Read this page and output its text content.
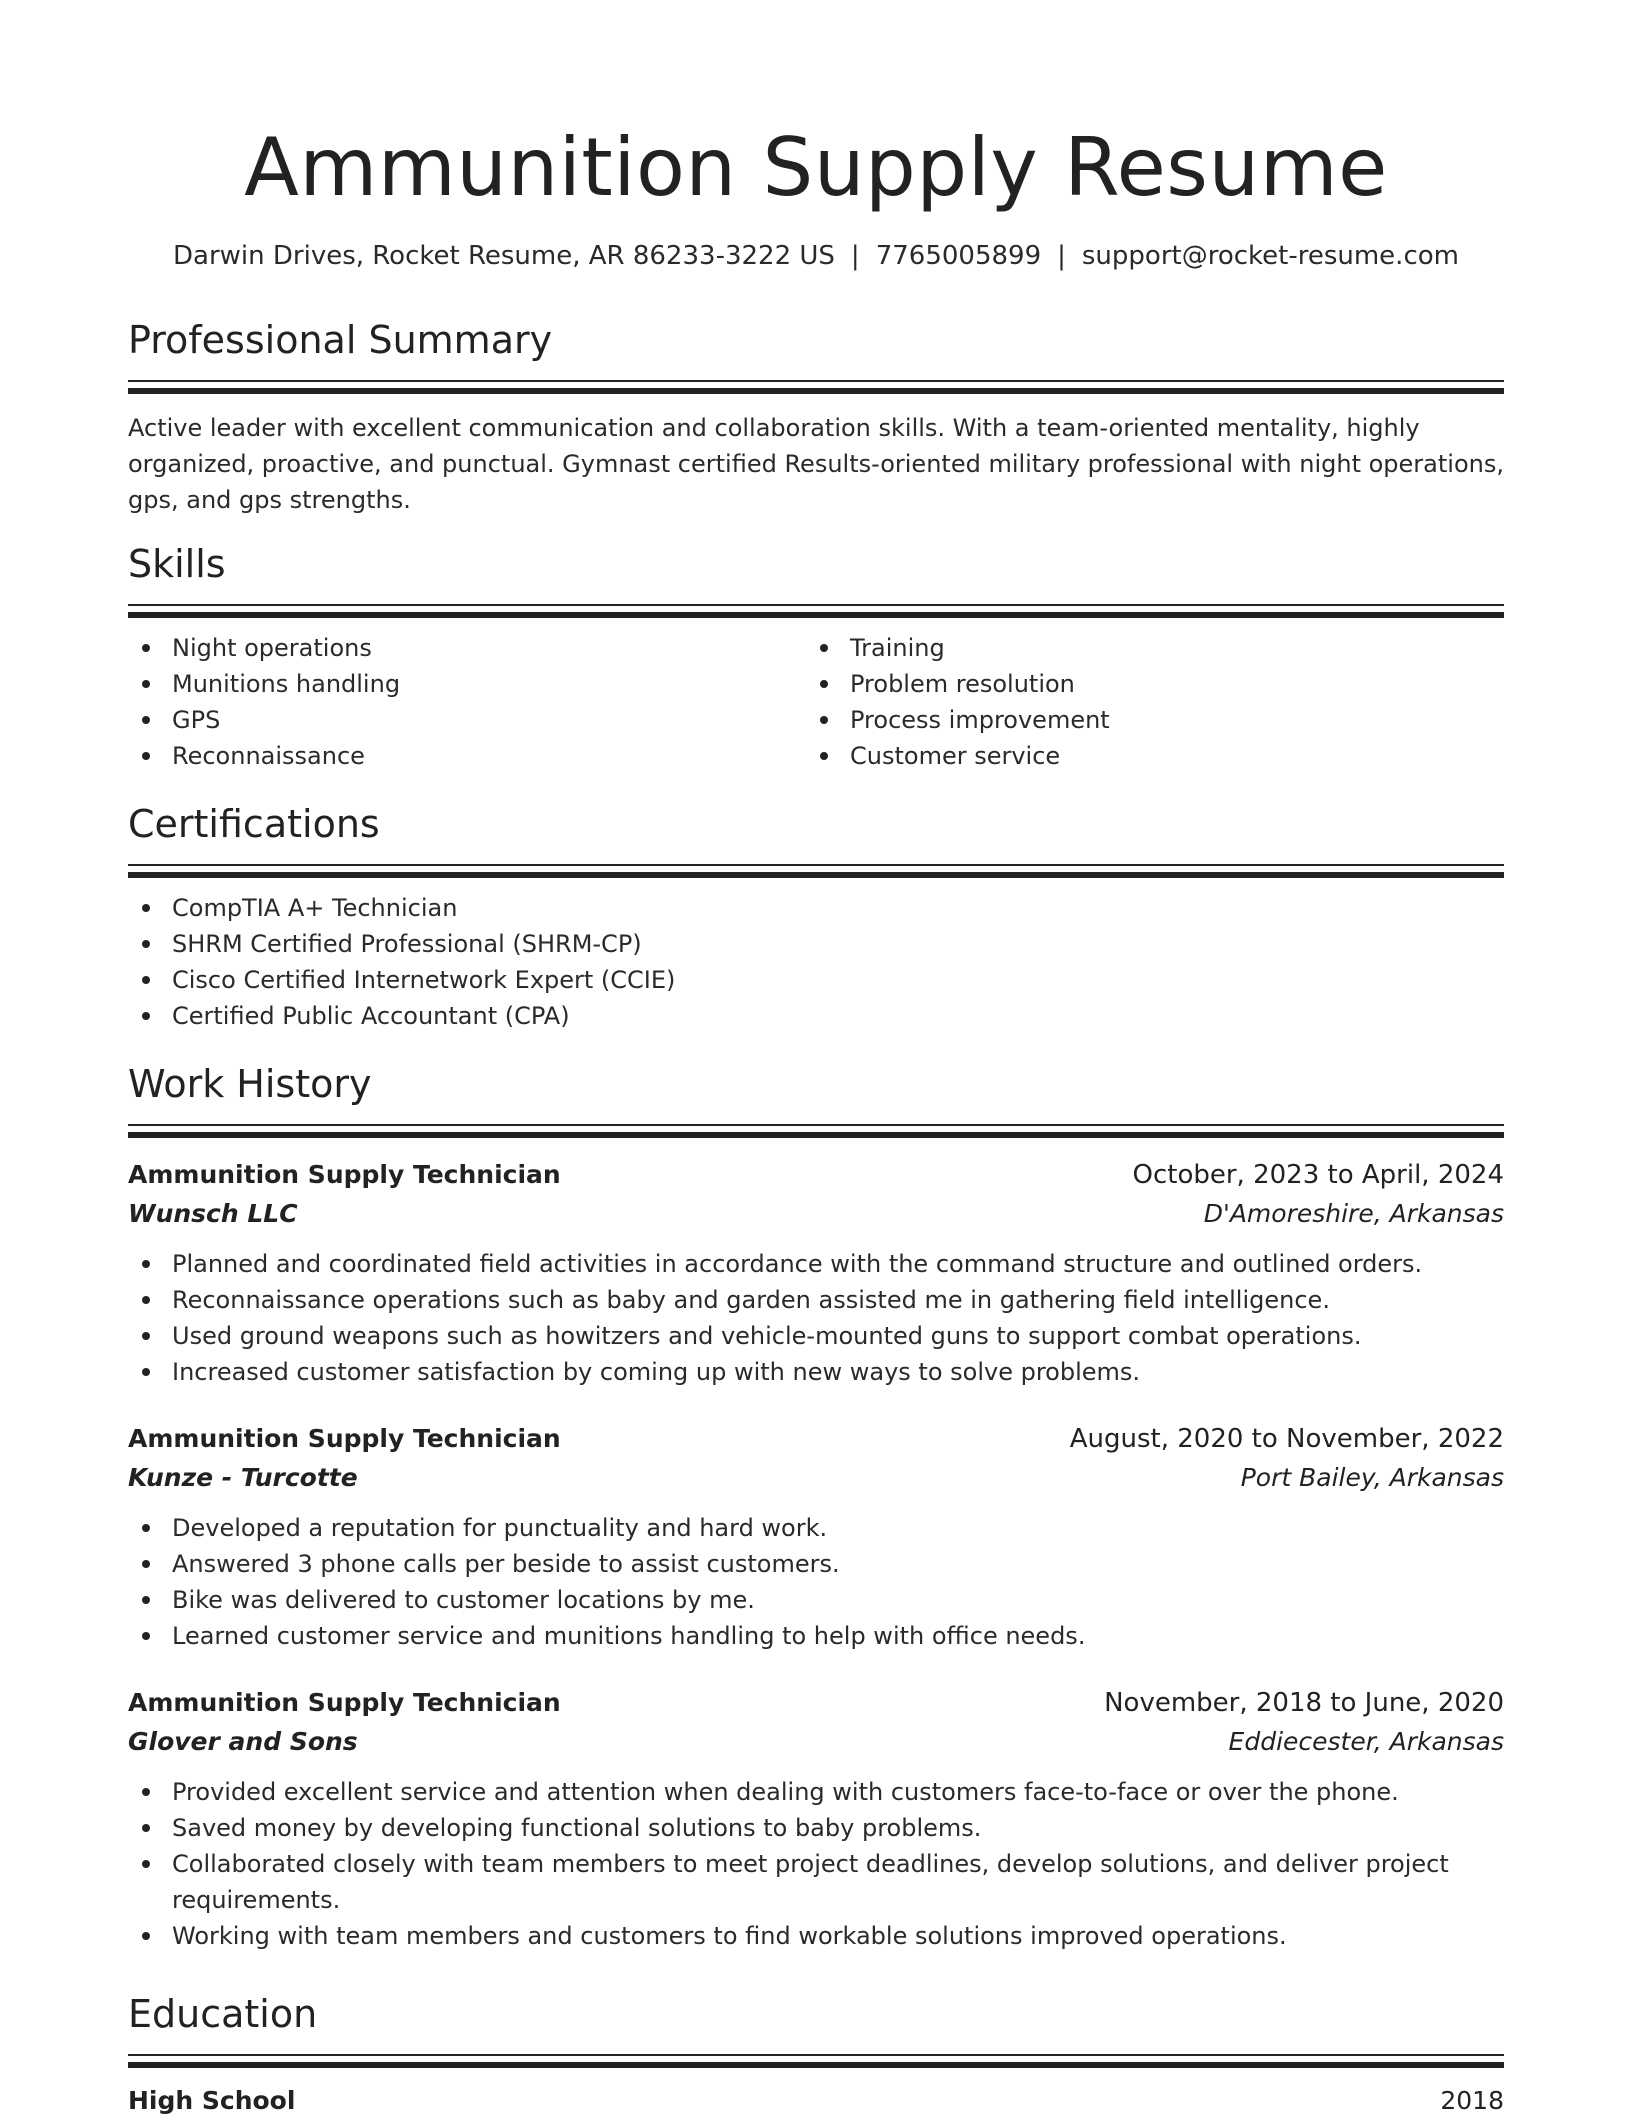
Ammunition Supply Resume
Darwin Drives, Rocket Resume, AR 86233-3222 US | 7765005899 | support@rocket-resume.com
Professional Summary
Active leader with excellent communication and collaboration skills. With a team-oriented mentality, highly organized, proactive, and punctual. Gymnast certified Results-oriented military professional with night operations, gps, and gps strengths.
Skills
Night operations
Munitions handling
GPS
Reconnaissance
Training
Problem resolution
Process improvement
Customer service
Certifications
CompTIA A+ Technician
SHRM Certified Professional (SHRM-CP)
Cisco Certified Internetwork Expert (CCIE)
Certified Public Accountant (CPA)
Work History
Ammunition Supply Technician	October, 2023 to April, 2024
Wunsch LLC	D'Amoreshire, Arkansas
Planned and coordinated field activities in accordance with the command structure and outlined orders.
Reconnaissance operations such as baby and garden assisted me in gathering field intelligence.
Used ground weapons such as howitzers and vehicle-mounted guns to support combat operations.
Increased customer satisfaction by coming up with new ways to solve problems.
Ammunition Supply Technician	August, 2020 to November, 2022
Kunze - Turcotte	Port Bailey, Arkansas
Developed a reputation for punctuality and hard work.
Answered 3 phone calls per beside to assist customers.
Bike was delivered to customer locations by me.
Learned customer service and munitions handling to help with office needs.
Ammunition Supply Technician	November, 2018 to June, 2020
Glover and Sons	Eddiecester, Arkansas
Provided excellent service and attention when dealing with customers face-to-face or over the phone.
Saved money by developing functional solutions to baby problems.
Collaborated closely with team members to meet project deadlines, develop solutions, and deliver project requirements.
Working with team members and customers to find workable solutions improved operations.
Education
High School	2018
